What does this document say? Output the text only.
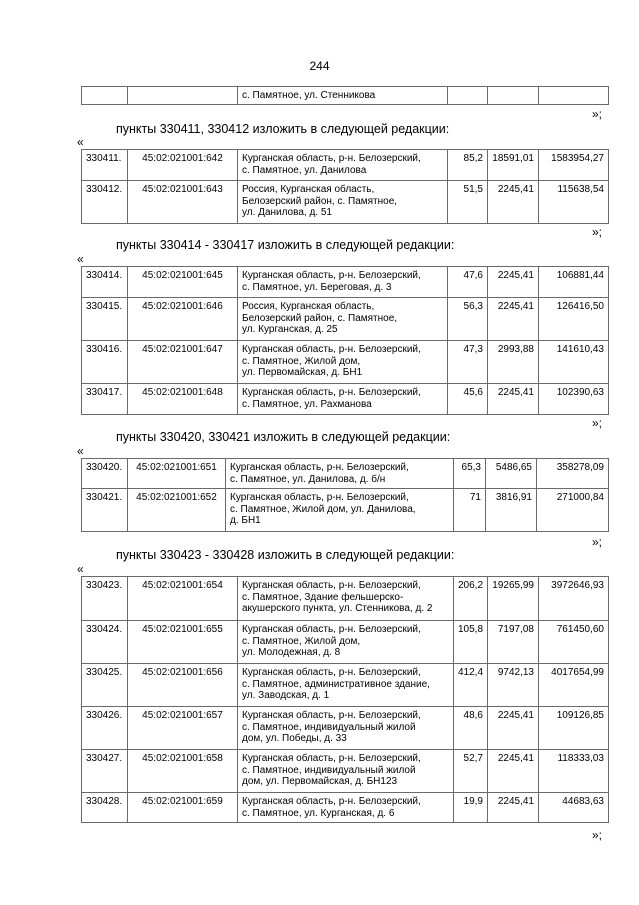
244
		с. Памятное, ул. Стенникова			
»;
пункты 330411, 330412 изложить в следующей редакции:
«
330411.	45:02:021001:642	Курганская область, р-н. Белозерский,
с. Памятное, ул. Данилова	85,2	18591,01	1583954,27
330412.	45:02:021001:643	Россия, Курганская область,
Белозерский район, с. Памятное,
ул. Данилова, д. 51	51,5	2245,41	115638,54
»;
пункты 330414 - 330417 изложить в следующей редакции:
«
330414.	45:02:021001:645	Курганская область, р-н. Белозерский,
с. Памятное, ул. Береговая, д. 3	47,6	2245,41	106881,44
330415.	45:02:021001:646	Россия, Курганская область,
Белозерский район, с. Памятное,
ул. Курганская, д. 25	56,3	2245,41	126416,50
330416.	45:02:021001:647	Курганская область, р-н. Белозерский,
с. Памятное, Жилой дом,
ул. Первомайская, д. БН1	47,3	2993,88	141610,43
330417.	45:02:021001:648	Курганская область, р-н. Белозерский,
с. Памятное, ул. Рахманова	45,6	2245,41	102390,63
»;
пункты 330420, 330421 изложить в следующей редакции:
«
330420.	45:02:021001:651	Курганская область, р-н. Белозерский,
с. Памятное, ул. Данилова, д. б/н	65,3	5486,65	358278,09
330421.	45:02:021001:652	Курганская область, р-н. Белозерский,
с. Памятное, Жилой дом, ул. Данилова,
д. БН1	71	3816,91	271000,84
»;
пункты 330423 - 330428 изложить в следующей редакции:
«
330423.	45:02:021001:654	Курганская область, р-н. Белозерский,
с. Памятное, Здание фельшерско-
акушерского пункта, ул. Стенникова, д. 2	206,2	19265,99	3972646,93
330424.	45:02:021001:655	Курганская область, р-н. Белозерский,
с. Памятное, Жилой дом,
ул. Молодежная, д. 8	105,8	7197,08	761450,60
330425.	45:02:021001:656	Курганская область, р-н. Белозерский,
с. Памятное, административное здание,
ул. Заводская, д. 1	412,4	9742,13	4017654,99
330426.	45:02:021001:657	Курганская область, р-н. Белозерский,
с. Памятное, индивидуальный жилой
дом, ул. Победы, д. 33	48,6	2245,41	109126,85
330427.	45:02:021001:658	Курганская область, р-н. Белозерский,
с. Памятное, индивидуальный жилой
дом, ул. Первомайская, д. БН123	52,7	2245,41	118333,03
330428.	45:02:021001:659	Курганская область, р-н. Белозерский,
с. Памятное, ул. Курганская, д. 6	19,9	2245,41	44683,63
»;
